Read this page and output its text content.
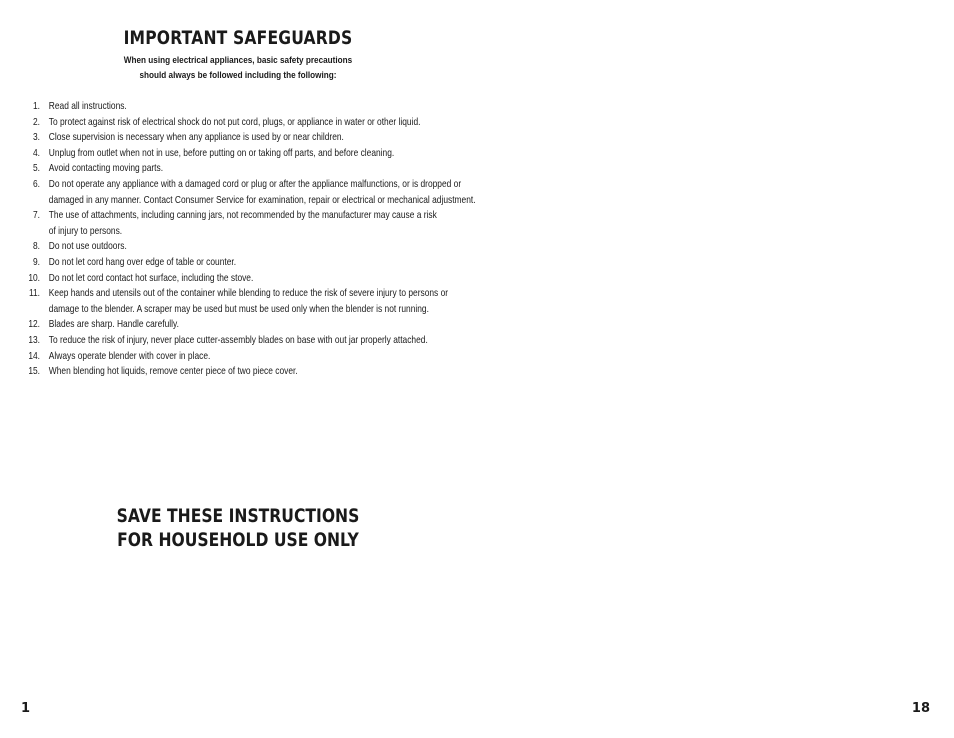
IMPORTANT SAFEGUARDS
When using electrical appliances, basic safety precautions
should always be followed including the following:
1. Read all instructions.
2. To protect against risk of electrical shock do not put cord, plugs, or appliance in water or other liquid.
3. Close supervision is necessary when any appliance is used by or near children.
4. Unplug from outlet when not in use, before putting on or taking off parts, and before cleaning.
5. Avoid contacting moving parts.
6. Do not operate any appliance with a damaged cord or plug or after the appliance malfunctions, or is dropped or damaged in any manner. Contact Consumer Service for examination, repair or electrical or mechanical adjustment.
7. The use of attachments, including canning jars, not recommended by the manufacturer may cause a risk of injury to persons.
8. Do not use outdoors.
9. Do not let cord hang over edge of table or counter.
10. Do not let cord contact hot surface, including the stove.
11. Keep hands and utensils out of the container while blending to reduce the risk of severe injury to persons or damage to the blender. A scraper may be used but must be used only when the blender is not running.
12. Blades are sharp. Handle carefully.
13. To reduce the risk of injury, never place cutter-assembly blades on base with out jar properly attached.
14. Always operate blender with cover in place.
15. When blending hot liquids, remove center piece of two piece cover.
SAVE THESE INSTRUCTIONS
FOR HOUSEHOLD USE ONLY
1	18
